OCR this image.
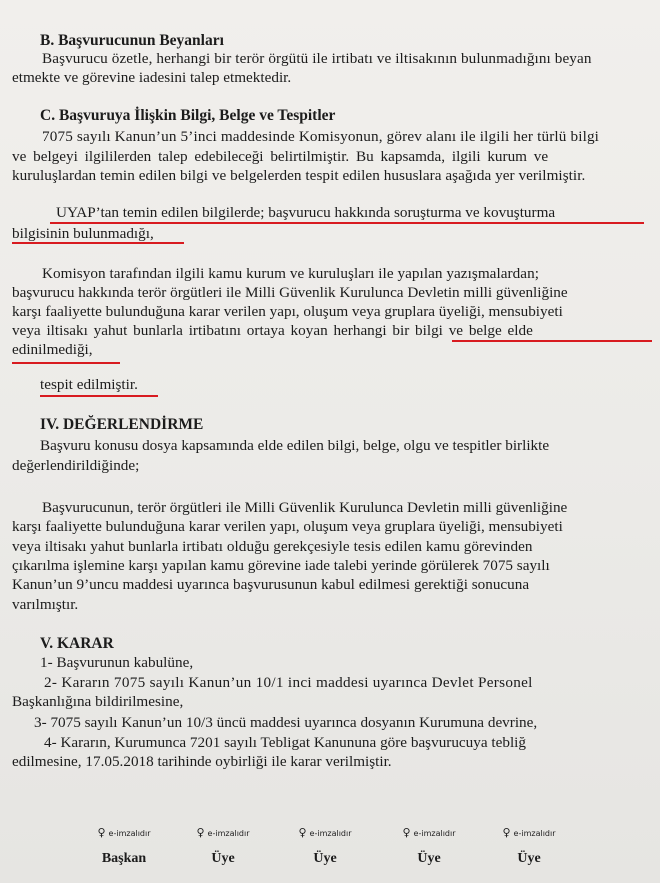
B. Başvurucunun Beyanları
Başvurucu özetle, herhangi bir terör örgütü ile irtibatı ve iltisakının bulunmadığını beyan
etmekte ve görevine iadesini talep etmektedir.
C. Başvuruya İlişkin Bilgi, Belge ve Tespitler
7075 sayılı Kanun’un 5’inci maddesinde Komisyonun, görev alanı ile ilgili her türlü bilgi
ve belgeyi ilgililerden talep edebileceği belirtilmiştir. Bu kapsamda, ilgili kurum ve
kuruluşlardan temin edilen bilgi ve belgelerden tespit edilen hususlara aşağıda yer verilmiştir.
UYAP’tan temin edilen bilgilerde; başvurucu hakkında soruşturma ve kovuşturma
bilgisinin bulunmadığı,
Komisyon tarafından ilgili kamu kurum ve kuruluşları ile yapılan yazışmalardan;
başvurucu hakkında terör örgütleri ile Milli Güvenlik Kurulunca Devletin milli güvenliğine
karşı faaliyette bulunduğuna karar verilen yapı, oluşum veya gruplara üyeliği, mensubiyeti
veya iltisakı yahut bunlarla irtibatını ortaya koyan herhangi bir bilgi ve belge elde
edinilmediği,
tespit edilmiştir.
IV. DEĞERLENDİRME
Başvuru konusu dosya kapsamında elde edilen bilgi, belge, olgu ve tespitler birlikte
değerlendirildiğinde;
Başvurucunun, terör örgütleri ile Milli Güvenlik Kurulunca Devletin milli güvenliğine
karşı faaliyette bulunduğuna karar verilen yapı, oluşum veya gruplara üyeliği, mensubiyeti
veya iltisakı yahut bunlarla irtibatı olduğu gerekçesiyle tesis edilen kamu görevinden
çıkarılma işlemine karşı yapılan kamu görevine iade talebi yerinde görülerek 7075 sayılı
Kanun’un 9’uncu maddesi uyarınca başvurusunun kabul edilmesi gerektiği sonucuna
varılmıştır.
V. KARAR
1- Başvurunun kabulüne,
2- Kararın 7075 sayılı Kanun’un 10/1 inci maddesi uyarınca Devlet Personel
Başkanlığına bildirilmesine,
3- 7075 sayılı Kanun’un 10/3 üncü maddesi uyarınca dosyanın Kurumuna devrine,
4- Kararın, Kurumunca 7201 sayılı Tebligat Kanununa göre başvurucuya tebliğ
edilmesine, 17.05.2018 tarihinde oybirliği ile karar verilmiştir.
♀ e-imzalıdır
Başkan
♀ e-imzalıdır
Üye
♀ e-imzalıdır
Üye
♀ e-imzalıdır
Üye
♀ e-imzalıdır
Üye
